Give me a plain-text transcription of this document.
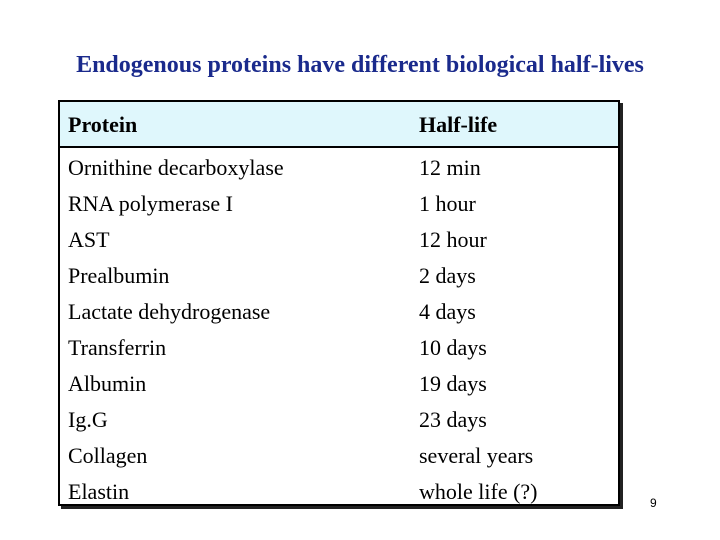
Endogenous proteins have different biological half-lives
Protein	Half-life
Ornithine decarboxylase
RNA polymerase I
AST
Prealbumin
Lactate dehydrogenase
Transferrin
Albumin
Ig.G
Collagen
Elastin
12 min
1 hour
12 hour
2 days
4 days
10 days
19 days
23 days
several years
whole life (?)	9
